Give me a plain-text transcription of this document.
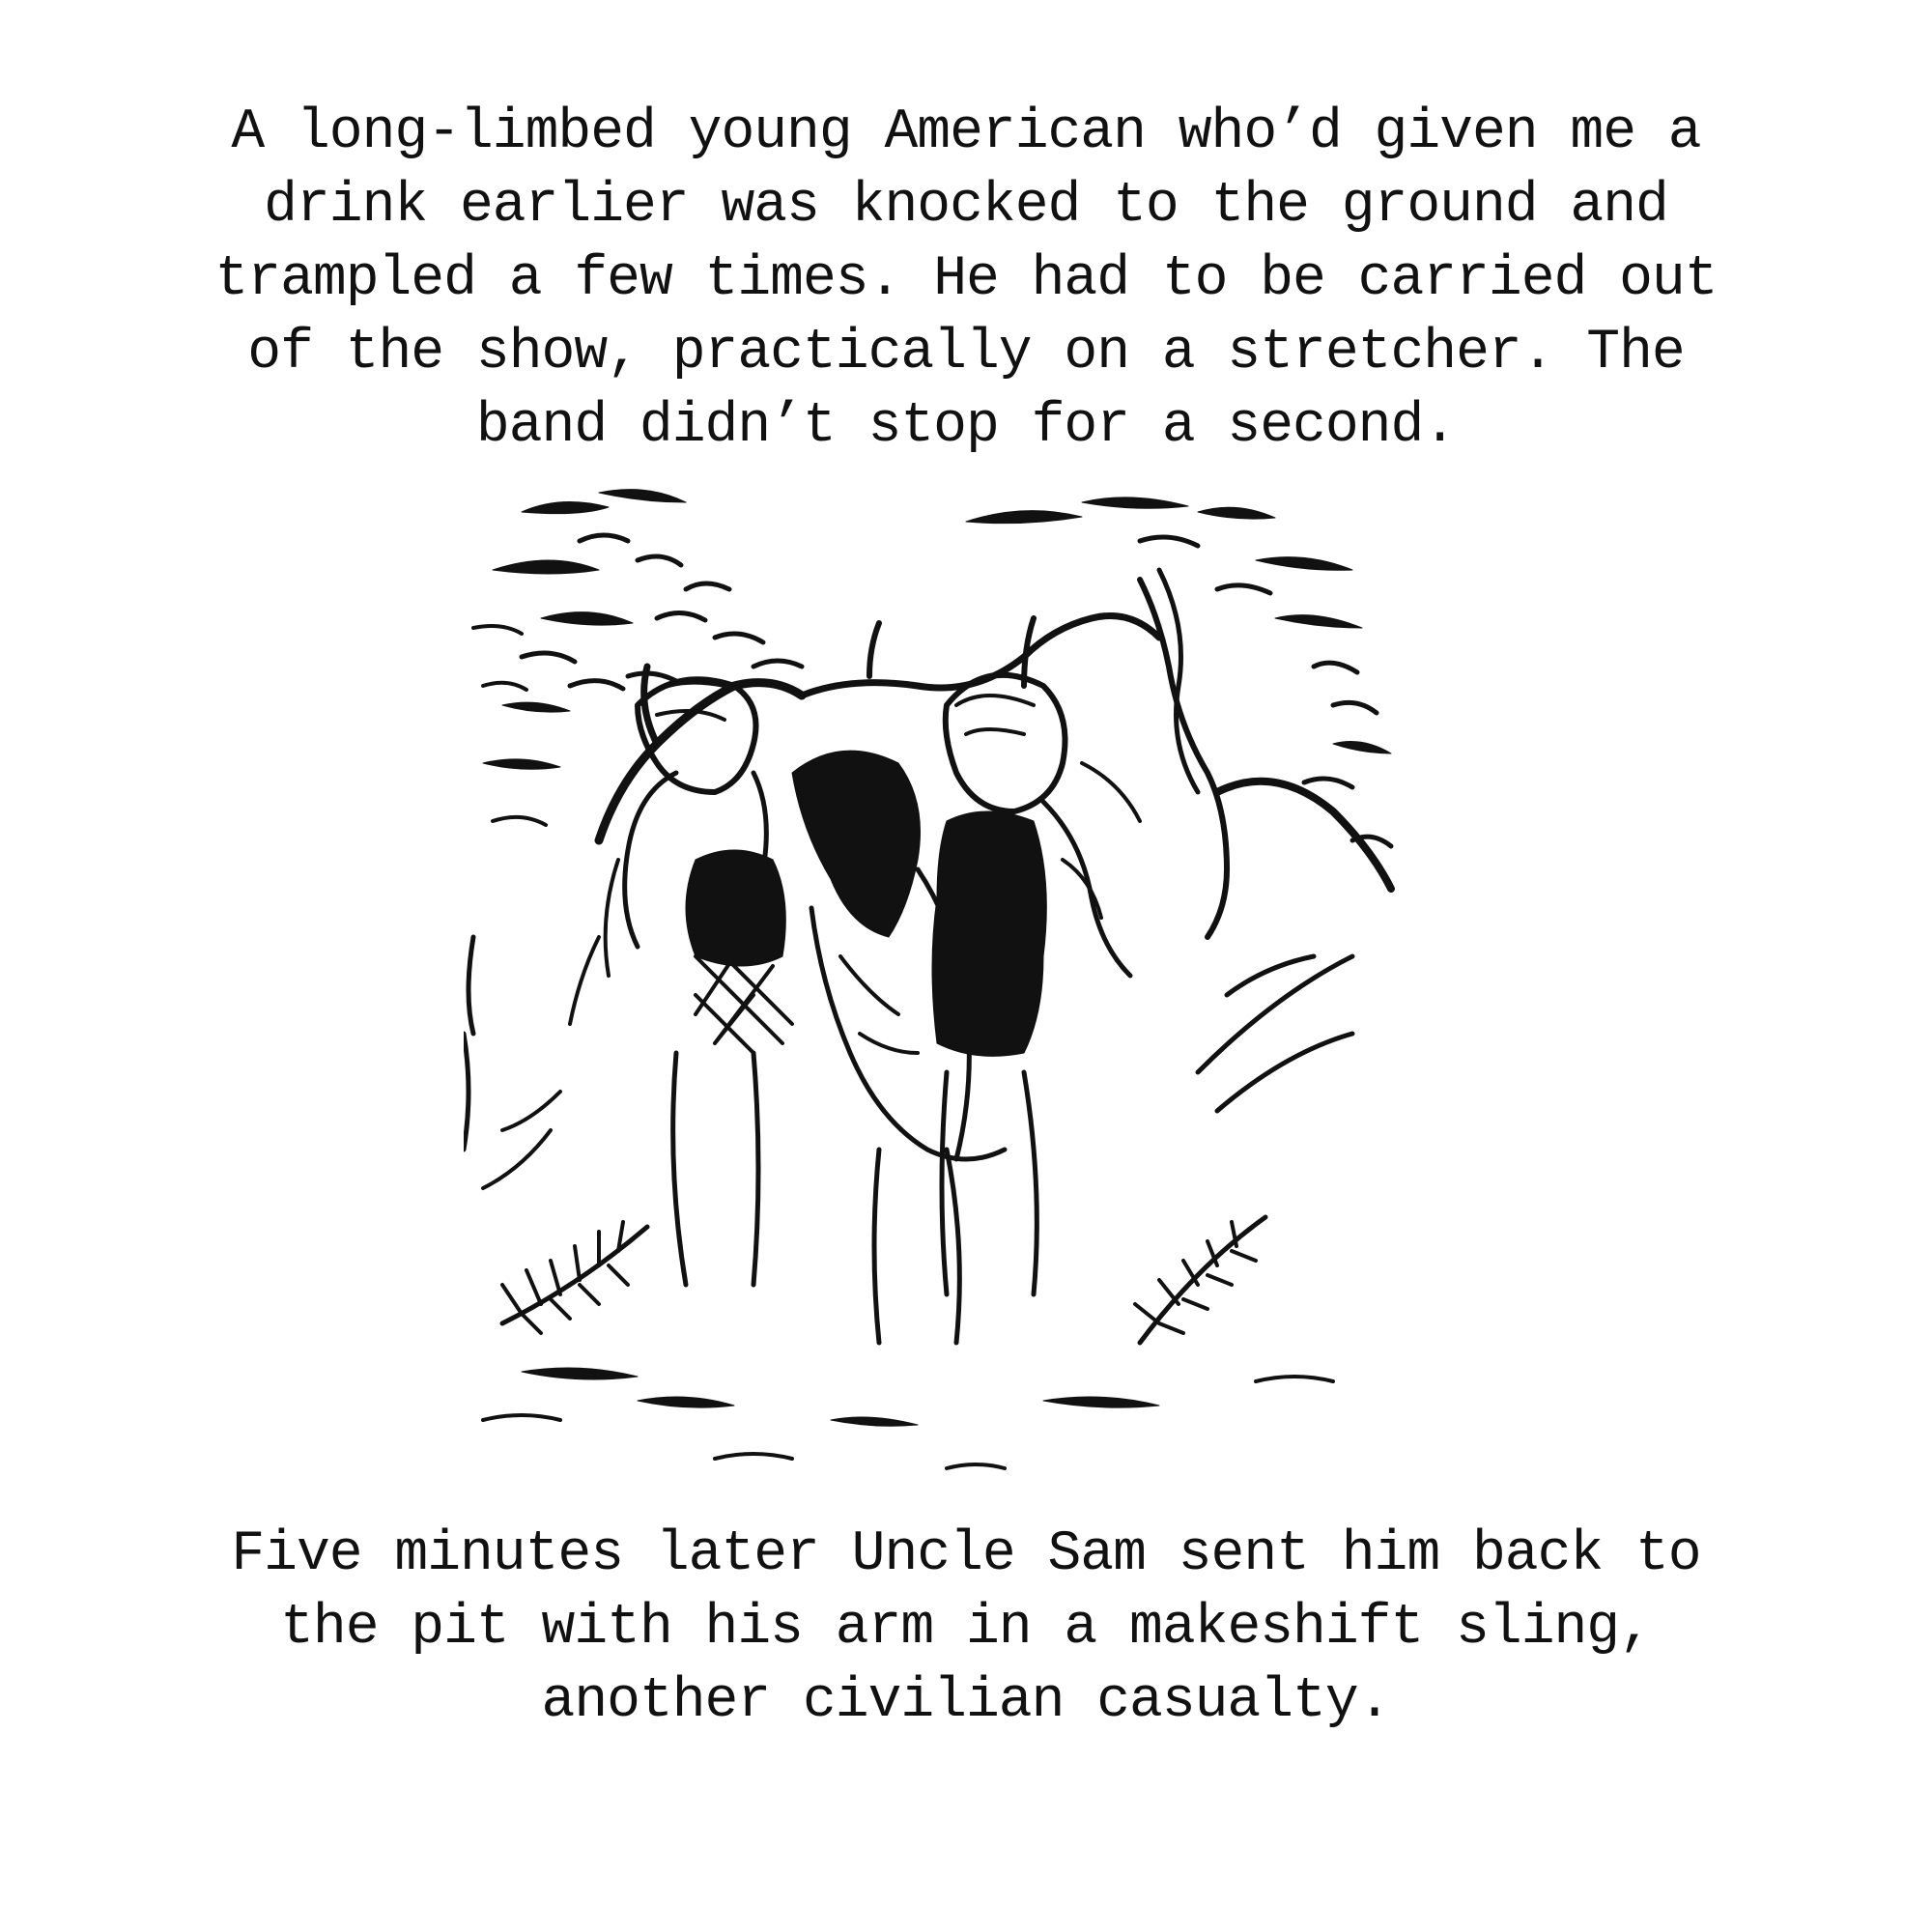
A long-limbed young American who’d given me a
drink earlier was knocked to the ground and
trampled a few times. He had to be carried out
of the show, practically on a stretcher. The
band didn’t stop for a second.

Five minutes later Uncle Sam sent him back to
the pit with his arm in a makeshift sling,
another civilian casualty.
